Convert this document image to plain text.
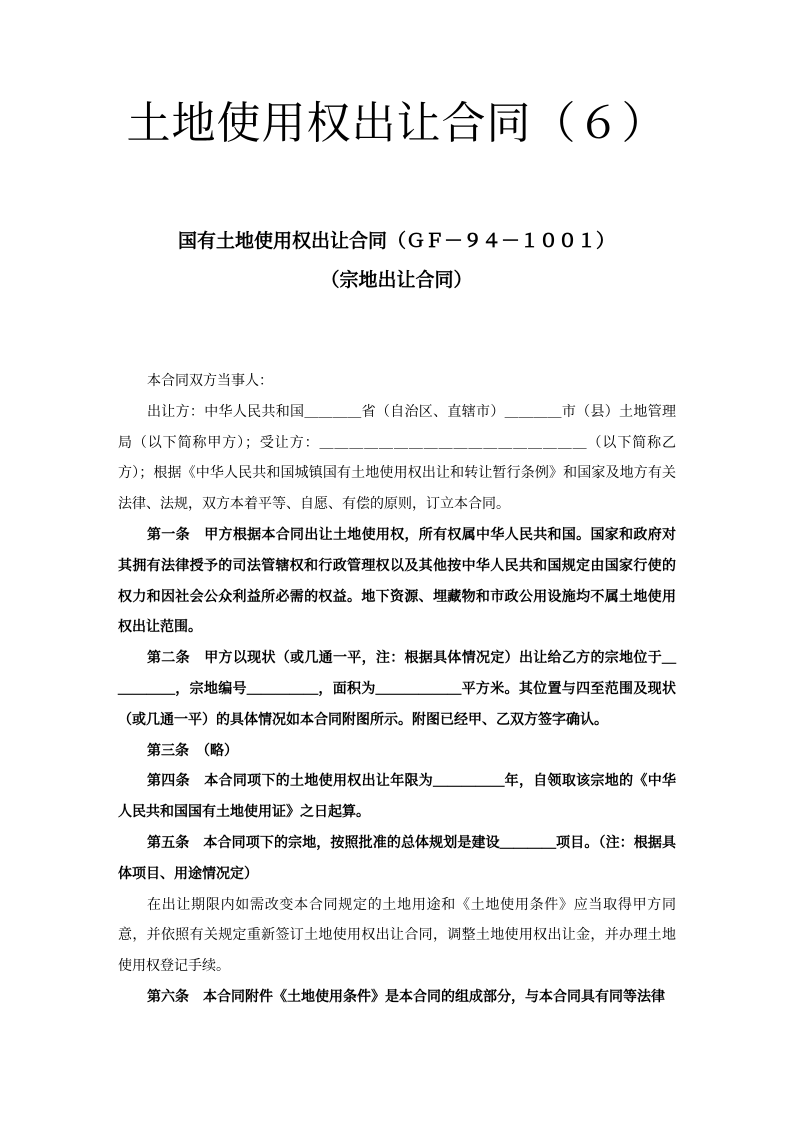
土地使用权出让合同（６）
国有土地使用权出让合同（ＧＦ－９４－１００１）
（宗地出让合同）

本合同双方当事人：

出让方：中华人民共和国＿＿＿＿省（自治区、直辖市）＿＿＿＿市（县）土地管理局（以下简称甲方）；受让方：＿＿＿＿＿＿＿＿＿＿＿＿＿＿＿＿＿＿（以下简称乙方）；根据《中华人民共和国城镇国有土地使用权出让和转让暂行条例》和国家及地方有关法律、法规，双方本着平等、自愿、有偿的原则，订立本合同。

第一条　甲方根据本合同出让土地使用权，所有权属中华人民共和国。国家和政府对其拥有法律授予的司法管辖权和行政管理权以及其他按中华人民共和国规定由国家行使的权力和因社会公众利益所必需的权益。地下资源、埋藏物和市政公用设施均不属土地使用权出让范围。

第二条　甲方以现状（或几通一平，注：根据具体情况定）出让给乙方的宗地位于＿＿＿＿＿，宗地编号＿＿＿＿＿，面积为＿＿＿＿＿＿平方米。其位置与四至范围及现状（或几通一平）的具体情况如本合同附图所示。附图已经甲、乙双方签字确认。

第三条　（略）

第四条　本合同项下的土地使用权出让年限为＿＿＿＿＿年，自领取该宗地的《中华人民共和国国有土地使用证》之日起算。

第五条　本合同项下的宗地，按照批准的总体规划是建设＿＿＿＿项目。（注：根据具体项目、用途情况定）

在出让期限内如需改变本合同规定的土地用途和《土地使用条件》应当取得甲方同意，并依照有关规定重新签订土地使用权出让合同，调整土地使用权出让金，并办理土地使用权登记手续。

第六条　本合同附件《土地使用条件》是本合同的组成部分，与本合同具有同等法律
